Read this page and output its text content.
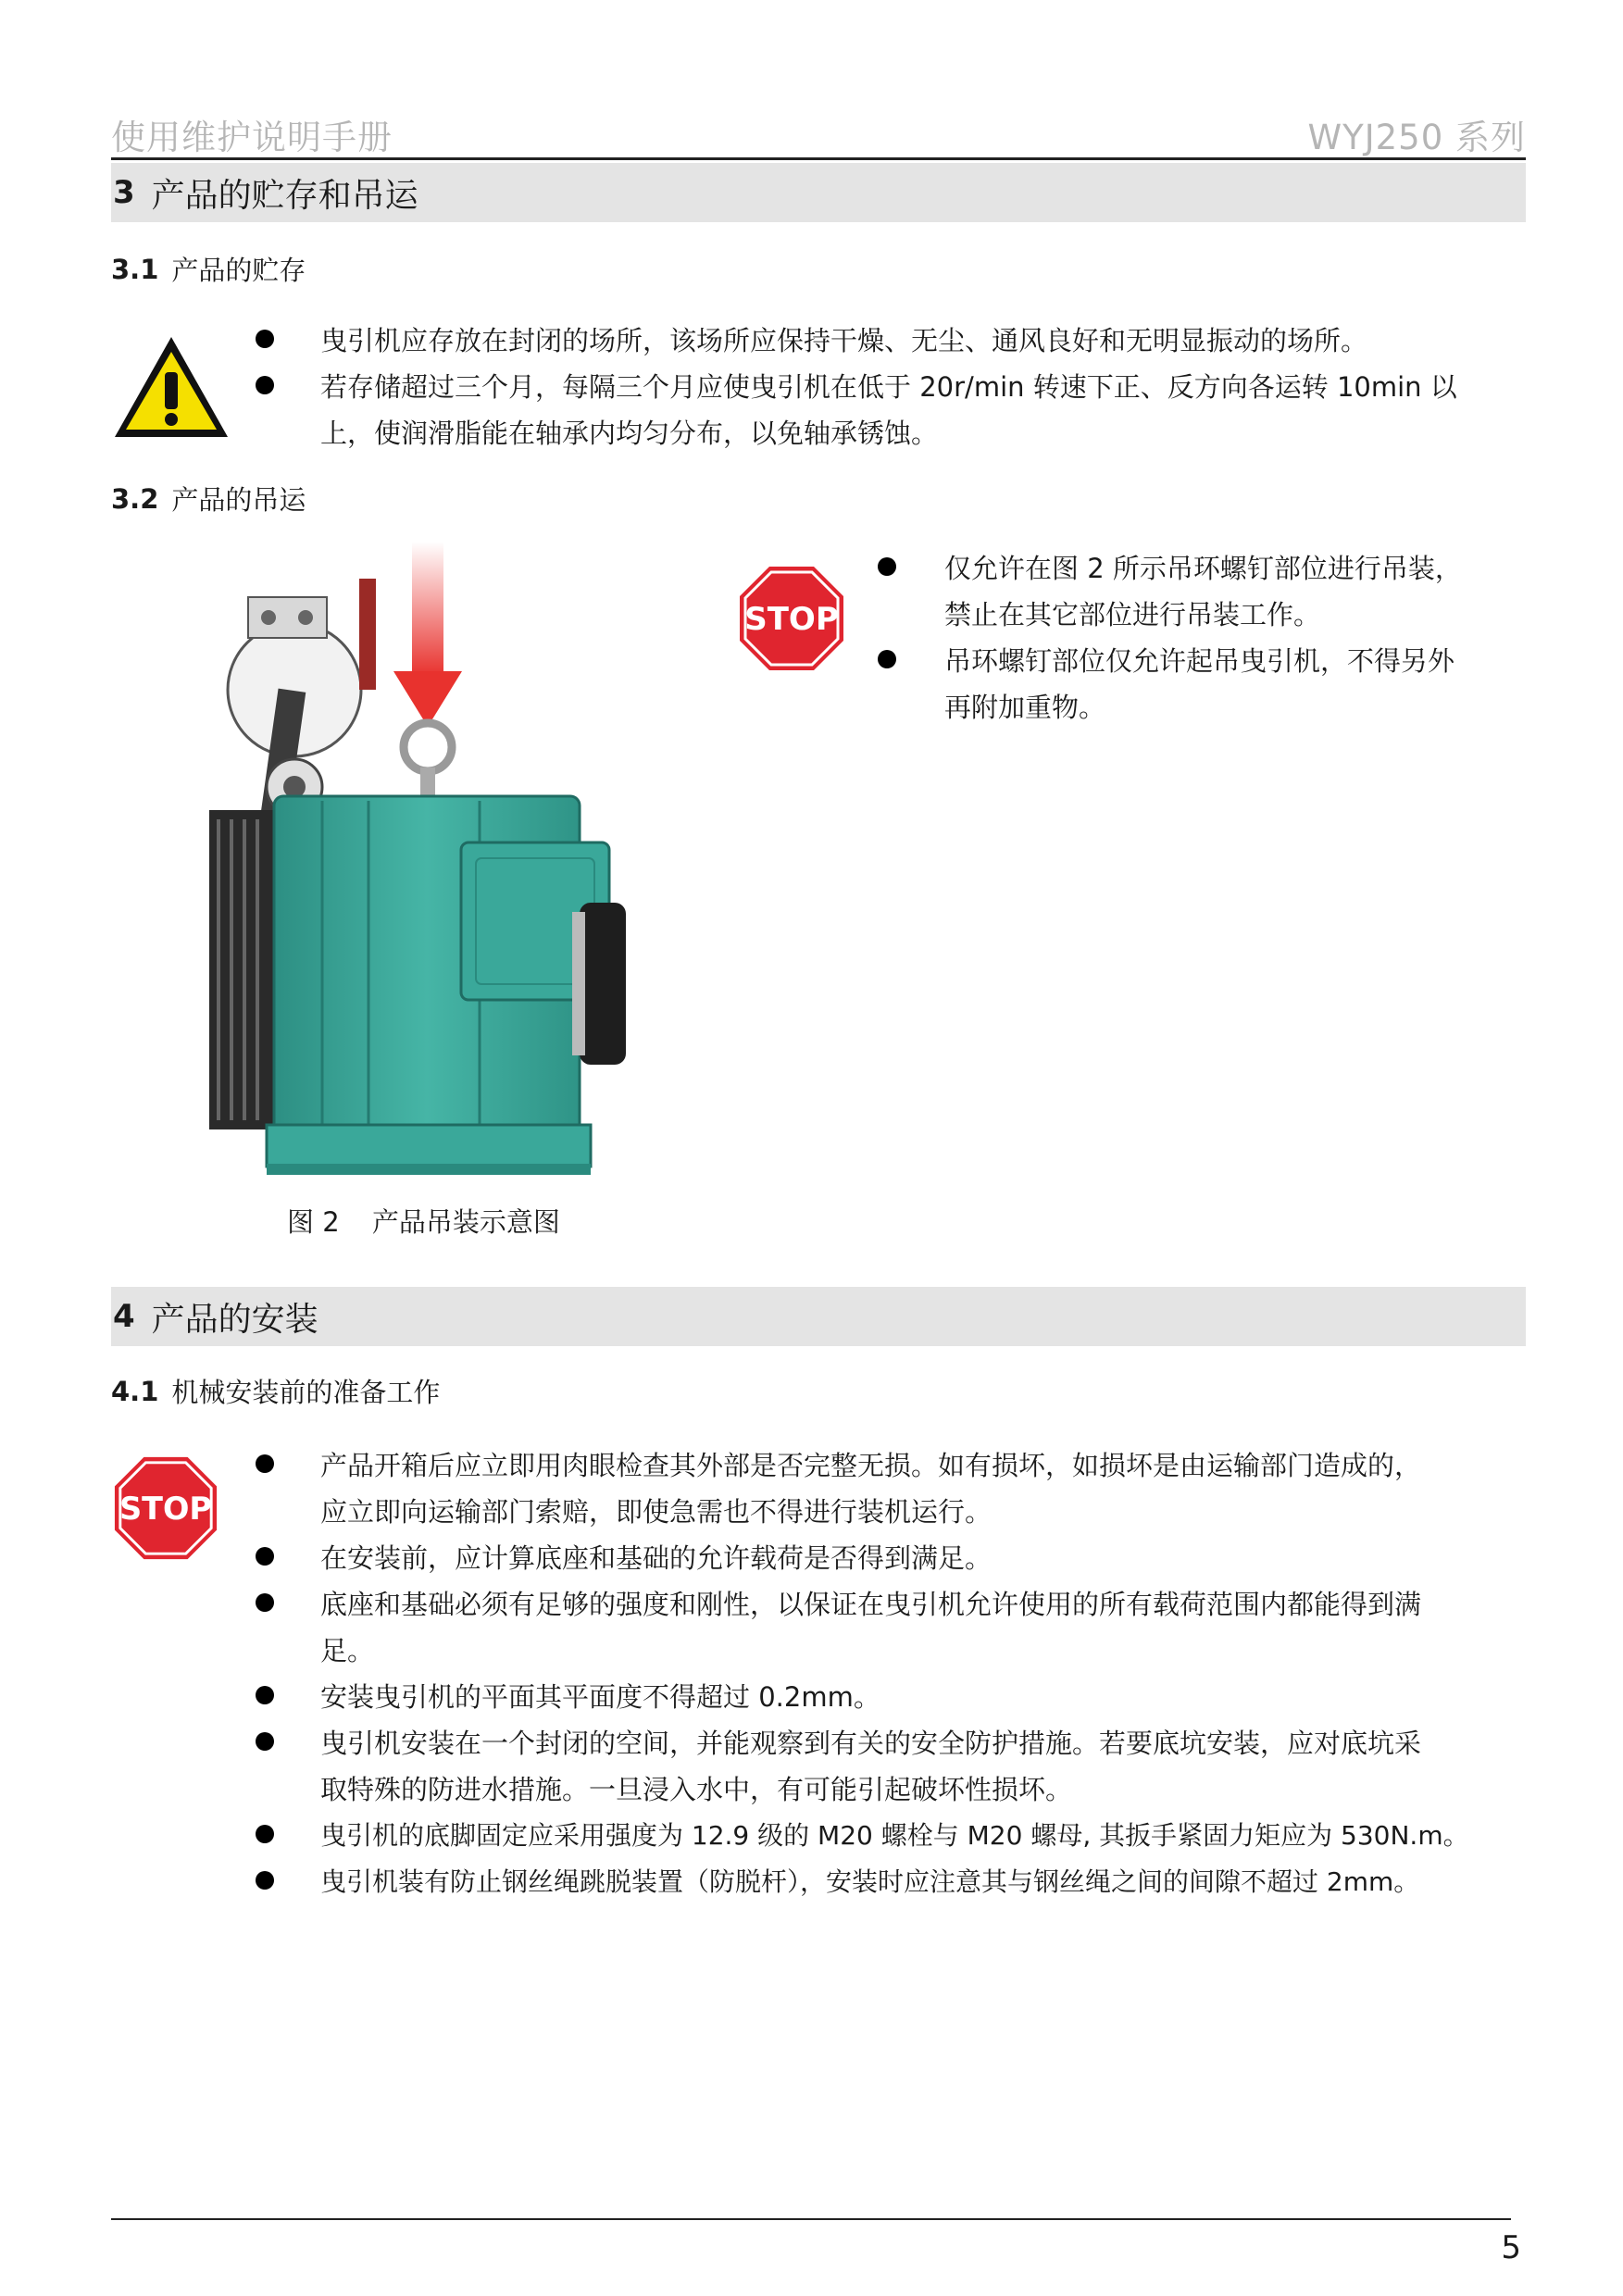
使用维护说明手册	WYJ250 系列
3 产品的贮存和吊运
3.1 产品的贮存
曳引机应存放在封闭的场所，该场所应保持干燥、无尘、通风良好和无明显振动的场所。
若存储超过三个月，每隔三个月应使曳引机在低于 20r/min 转速下正、反方向各运转 10min 以
上，使润滑脂能在轴承内均匀分布，以免轴承锈蚀。
3.2 产品的吊运
图 2 产品吊装示意图
STOP
仅允许在图 2 所示吊环螺钉部位进行吊装，
禁止在其它部位进行吊装工作。
吊环螺钉部位仅允许起吊曳引机，不得另外
再附加重物。
4 产品的安装
4.1 机械安装前的准备工作
STOP
产品开箱后应立即用肉眼检查其外部是否完整无损。如有损坏，如损坏是由运输部门造成的，
应立即向运输部门索赔，即使急需也不得进行装机运行。
在安装前，应计算底座和基础的允许载荷是否得到满足。
底座和基础必须有足够的强度和刚性，以保证在曳引机允许使用的所有载荷范围内都能得到满
足。
安装曳引机的平面其平面度不得超过 0.2mm。
曳引机安装在一个封闭的空间，并能观察到有关的安全防护措施。若要底坑安装，应对底坑采
取特殊的防进水措施。一旦浸入水中，有可能引起破坏性损坏。
曳引机的底脚固定应采用强度为 12.9 级的 M20 螺栓与 M20 螺母, 其扳手紧固力矩应为 530N.m。
曳引机装有防止钢丝绳跳脱装置（防脱杆），安装时应注意其与钢丝绳之间的间隙不超过 2mm。
5
